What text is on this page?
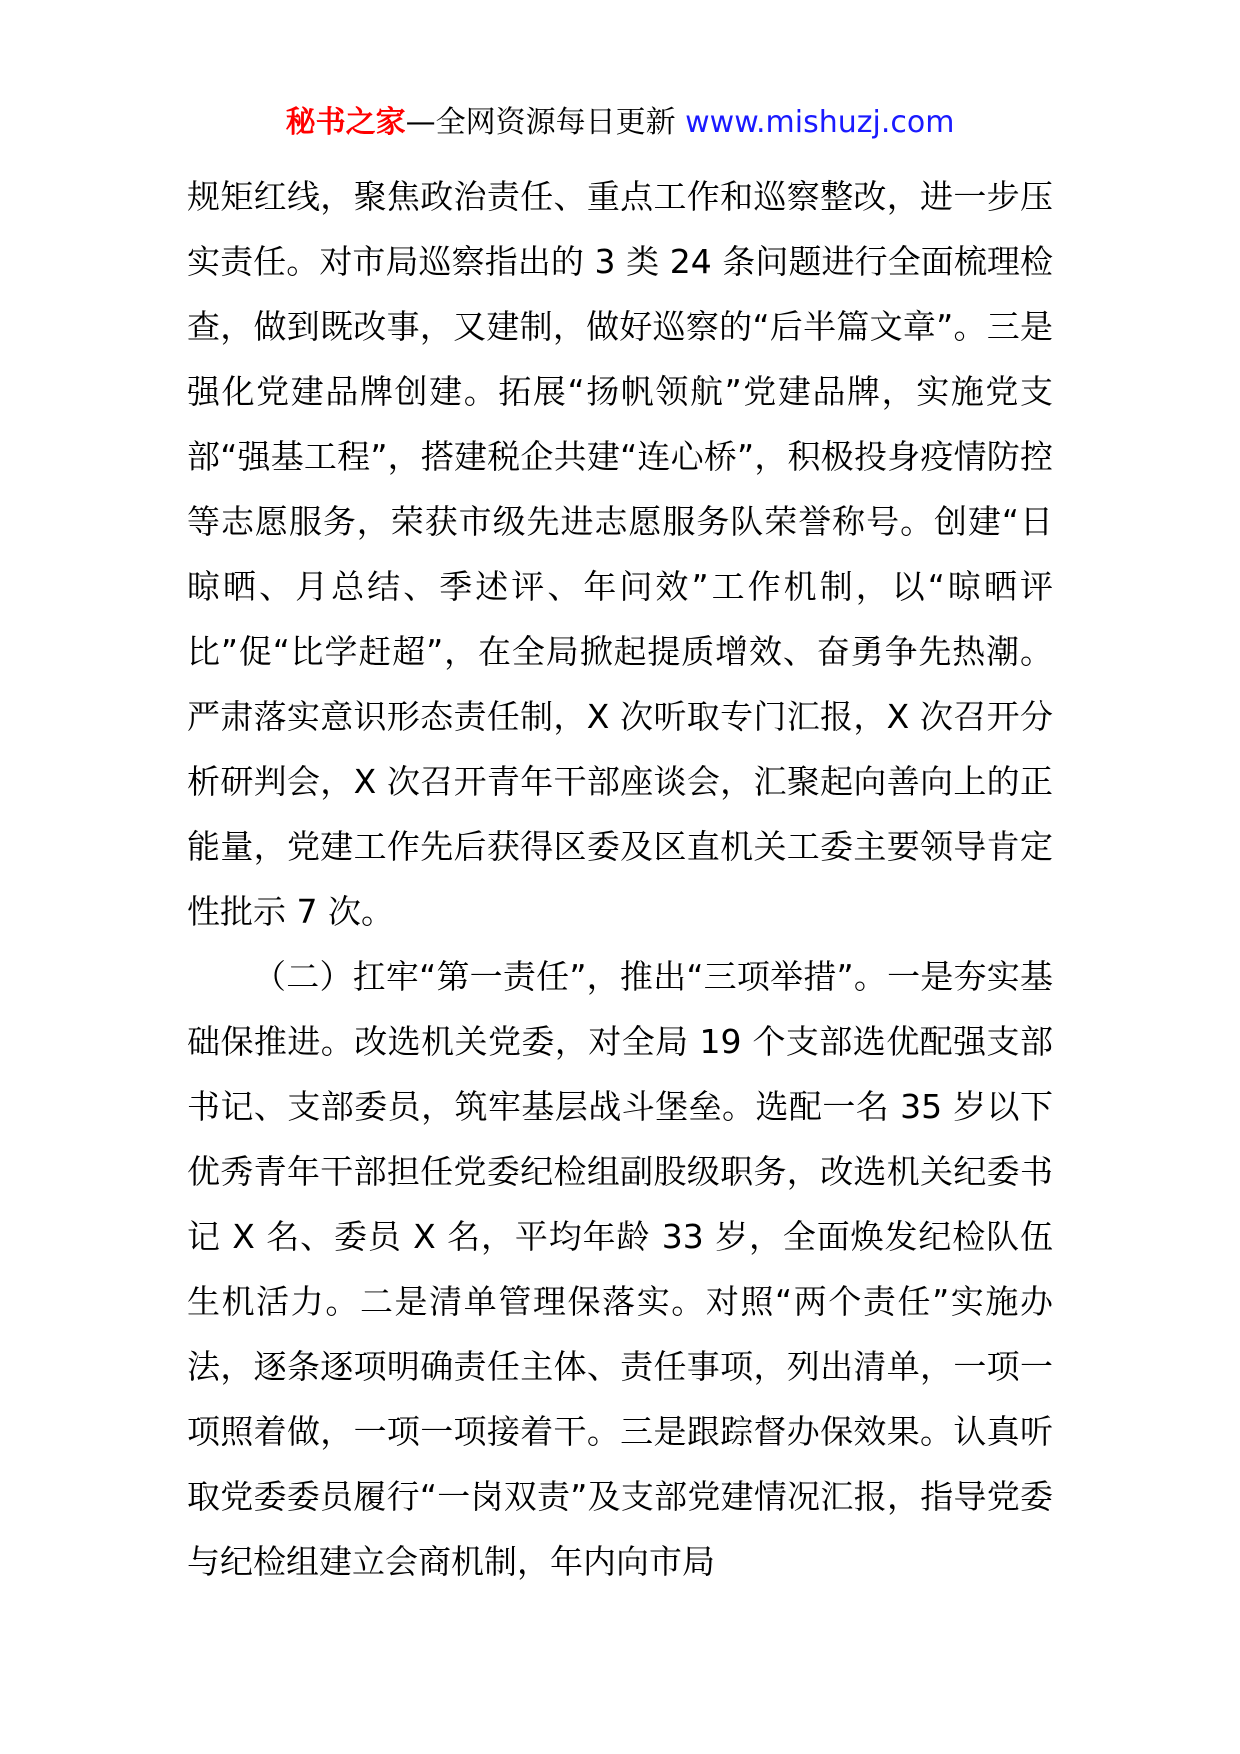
秘书之家—全网资源每日更新 www.mishuzj.com

规矩红线，聚焦政治责任、重点工作和巡察整改，进一步压实责任。对市局巡察指出的 3 类 24 条问题进行全面梳理检查，做到既改事，又建制，做好巡察的“后半篇文章”。三是强化党建品牌创建。拓展“扬帆领航”党建品牌，实施党支部“强基工程”，搭建税企共建“连心桥”，积极投身疫情防控等志愿服务，荣获市级先进志愿服务队荣誉称号。创建“日晾晒、月总结、季述评、年问效”工作机制，以“晾晒评比”促“比学赶超”，在全局掀起提质增效、奋勇争先热潮。严肃落实意识形态责任制，X 次听取专门汇报，X 次召开分析研判会，X 次召开青年干部座谈会，汇聚起向善向上的正能量，党建工作先后获得区委及区直机关工委主要领导肯定性批示 7 次。

（二）扛牢“第一责任”，推出“三项举措”。一是夯实基础保推进。改选机关党委，对全局 19 个支部选优配强支部书记、支部委员，筑牢基层战斗堡垒。选配一名 35 岁以下优秀青年干部担任党委纪检组副股级职务，改选机关纪委书记 X 名、委员 X 名，平均年龄 33 岁，全面焕发纪检队伍生机活力。二是清单管理保落实。对照“两个责任”实施办法，逐条逐项明确责任主体、责任事项，列出清单，一项一项照着做，一项一项接着干。三是跟踪督办保效果。认真听取党委委员履行“一岗双责”及支部党建情况汇报，指导党委与纪检组建立会商机制，年内向市局
